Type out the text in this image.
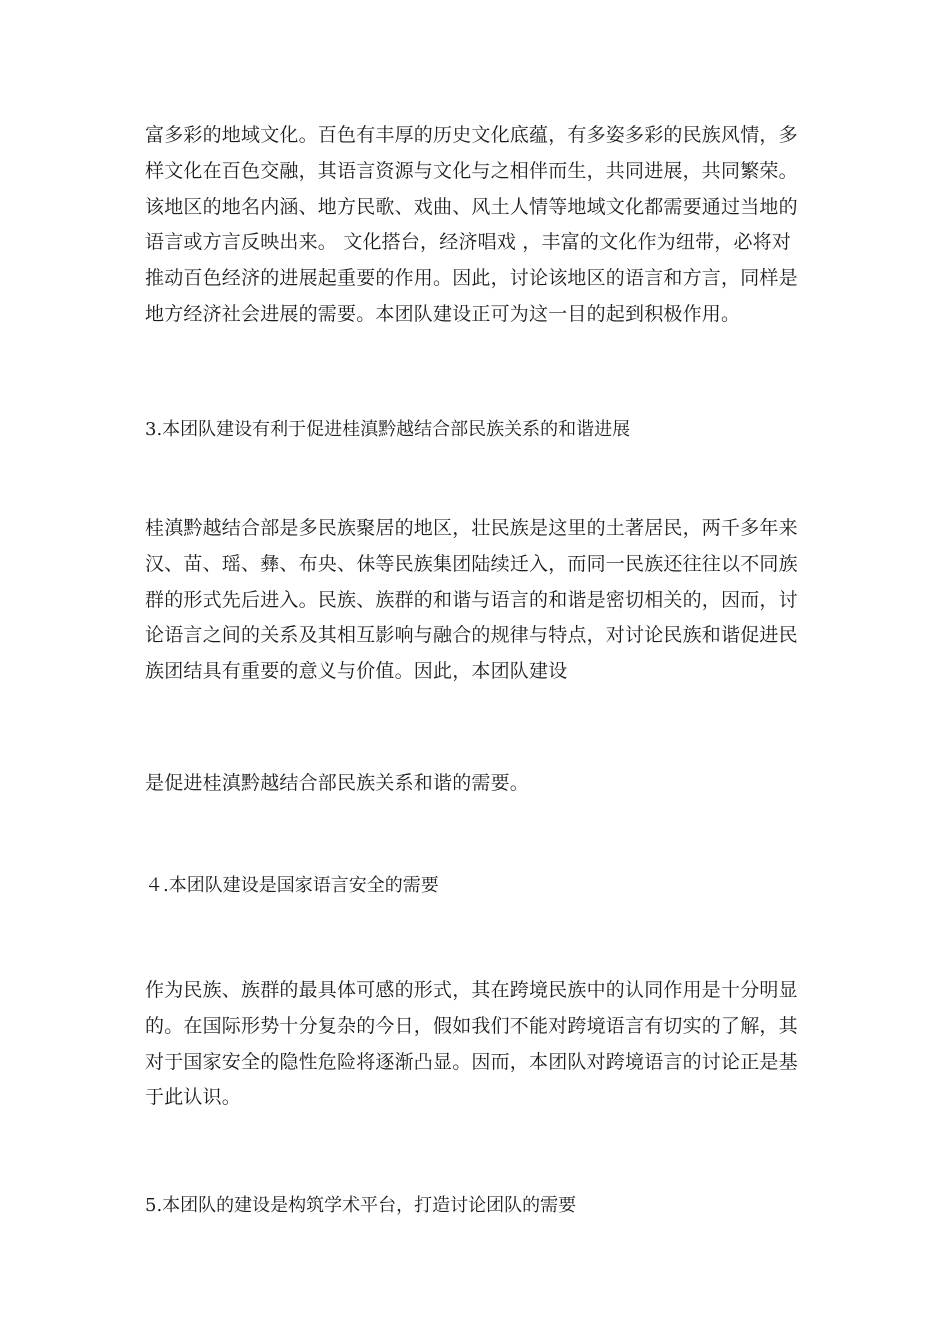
富多彩的地域文化。百色有丰厚的历史文化底蕴，有多姿多彩的民族风情，多
样文化在百色交融，其语言资源与文化与之相伴而生，共同进展，共同繁荣。
该地区的地名内涵、地方民歌、戏曲、风土人情等地域文化都需要通过当地的
语言或方言反映出来。 文化搭台，经济唱戏 ，丰富的文化作为纽带，必将对
推动百色经济的进展起重要的作用。因此，讨论该地区的语言和方言，同样是
地方经济社会进展的需要。本团队建设正可为这一目的起到积极作用。
3.本团队建设有利于促进桂滇黔越结合部民族关系的和谐进展
桂滇黔越结合部是多民族聚居的地区，壮民族是这里的土著居民，两千多年来
汉、苗、瑶、彝、布央、佅等民族集团陆续迁入，而同一民族还往往以不同族
群的形式先后进入。民族、族群的和谐与语言的和谐是密切相关的，因而，讨
论语言之间的关系及其相互影响与融合的规律与特点，对讨论民族和谐促进民
族团结具有重要的意义与价值。因此，本团队建设
是促进桂滇黔越结合部民族关系和谐的需要。
４.本团队建设是国家语言安全的需要
作为民族、族群的最具体可感的形式，其在跨境民族中的认同作用是十分明显
的。在国际形势十分复杂的今日，假如我们不能对跨境语言有切实的了解，其
对于国家安全的隐性危险将逐渐凸显。因而，本团队对跨境语言的讨论正是基
于此认识。
5.本团队的建设是构筑学术平台，打造讨论团队的需要
